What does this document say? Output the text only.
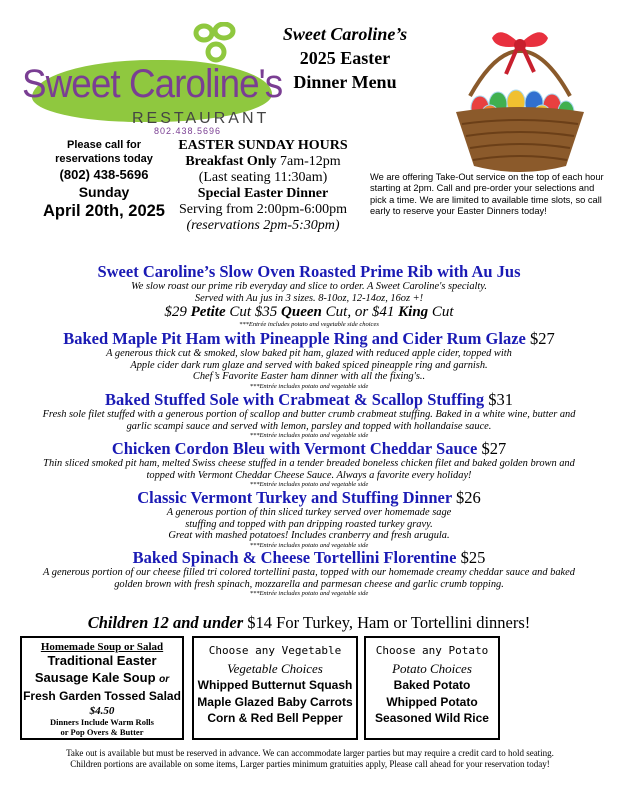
Sweet Caroline's
RESTAURANT
802.438.5696
Sweet Caroline’s
2025 Easter
Dinner Menu
Please call for
reservations today
(802) 438-5696
Sunday
April 20th, 2025
EASTER SUNDAY HOURS
Breakfast Only 7am-12pm
(Last seating 11:30am)
Special Easter Dinner
Serving from 2:00pm-6:00pm
(reservations 2pm-5:30pm)
We are offering Take-Out service on the top of each hour starting at 2pm. Call and pre-order your selections and pick a time. We are limited to available time slots, so call early to reserve your Easter Dinners today!
Sweet Caroline’s Slow Oven Roasted Prime Rib with Au Jus
We slow roast our prime rib everyday and slice to order. A Sweet Caroline's specialty.
Served with Au jus in 3 sizes. 8-10oz, 12-14oz, 16oz +!
$29 Petite Cut $35 Queen Cut, or $41 King Cut
***Entrée includes potato and vegetable side choices
Baked Maple Pit Ham with Pineapple Ring and Cider Rum Glaze $27
A generous thick cut & smoked, slow baked pit ham, glazed with reduced apple cider, topped with
Apple cider dark rum glaze and served with baked spiced pineapple ring and garnish.
Chef’s Favorite Easter ham dinner with all the fixing's..
***Entrée includes potato and vegetable side
Baked Stuffed Sole with Crabmeat & Scallop Stuffing $31
Fresh sole filet stuffed with a generous portion of scallop and butter crumb crabmeat stuffing. Baked in a white wine, butter and
garlic scampi sauce and served with lemon, parsley and topped with hollandaise sauce.
***Entrée includes potato and vegetable side
Chicken Cordon Bleu with Vermont Cheddar Sauce $27
Thin sliced smoked pit ham, melted Swiss cheese stuffed in a tender breaded boneless chicken filet and baked golden brown and
topped with Vermont Cheddar Cheese Sauce. Always a favorite every holiday!
***Entrée includes potato and vegetable side
Classic Vermont Turkey and Stuffing Dinner $26
A generous portion of thin sliced turkey served over homemade sage
stuffing and topped with pan dripping roasted turkey gravy.
Great with mashed potatoes! Includes cranberry and fresh arugula.
***Entrée includes potato and vegetable side
Baked Spinach & Cheese Tortellini Florentine $25
A generous portion of our cheese filled tri colored tortellini pasta, topped with our homemade creamy cheddar sauce and baked
golden brown with fresh spinach, mozzarella and parmesan cheese and garlic crumb topping.
***Entrée includes potato and vegetable side
Children 12 and under $14 For Turkey, Ham or Tortellini dinners!
Homemade Soup or Salad
Traditional Easter
Sausage Kale Soup or
Fresh Garden Tossed Salad
$4.50
Dinners Include Warm Rolls
or Pop Overs & Butter
Choose any Vegetable
Vegetable Choices
Whipped Butternut Squash
Maple Glazed Baby Carrots
Corn & Red Bell Pepper
Choose any Potato
Potato Choices
Baked Potato
Whipped Potato
Seasoned Wild Rice
Take out is available but must be reserved in advance. We can accommodate larger parties but may require a credit card to hold seating.
Children portions are available on some items, Larger parties minimum gratuities apply, Please call ahead for your reservation today!
